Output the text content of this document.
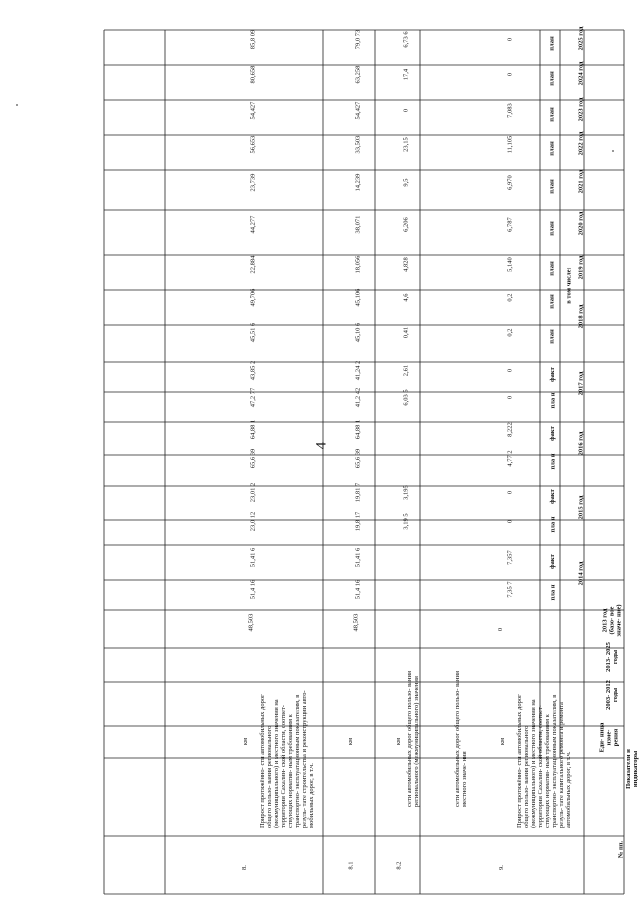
4
№ пп.
Показатели и индикаторы
Еди- ница изме- рения
2003- 2012 годы
2013- 2025 годы
2013 год (базо- вое значе- ние)
в том числе:
2014 год
2015 год
2016 год
2017 год
2018 год
2019 год
2020 год
2021 год
2022 год
2023 год
2024 год
2025 год
пла н
факт
пла н
факт
пла н
факт
пла н
факт
план
план
план
план
план
план
план
план
план
8.
Прирост протяжённо- сти автомобильных дорог общего пользо- вания регионального (межмуниципального) и местного значения на территории Сахалин- ской области, соответ- ствующих норматив- ным требованиям к транспортно- эксплуатационным показателям, в резуль- тате строительства и реконструкции авто- мобильных дорог, в т.ч.
км
48,503
51,4 16
51,41 6
23,0 12
23,01 2
65,6 39
64,88 1
47,2 77
43,85 2
45,51 6
49,706
22,884
44,277
23,739
56,653
54,427
80,658
85,8 09
8.1
сети автомобильных дорог общего пользо- вания регионального (межмуниципального) значения
км
48,503
51,4 16
51,41 6
19,8 17
19,81 7
65,6 39
64,88 1
41,2 42
41,24 2
45,10 6
45,106
18,056
38,071
14,239
33,503
54,427
63,258
79,0 73
8.2
сети автомобильных дорог общего пользо- вания местного значе- ния
км
3,19 5
3,195
6,03 5
2,61
0,41
4,6
4,828
6,206
9,5
23,15
0
17,4
6,73 6
9.
Прирост протяжённо- сти автомобильных дорог общего пользо- вания регионального (межмуниципального) и местного значения на территории Сахалин- ской области, соответ- ствующих норматив- ным требованиям к транспортно- эксплуатационным показателям, в резуль- тате капитального ремонта и ремонта автомобильных дорог, в т.ч.
км
0
7,35 7
7,357
0
0
4,77 2
8,222
0
0
0,2
0,2
5,140
6,787
6,970
11,105
7,083
0
0
